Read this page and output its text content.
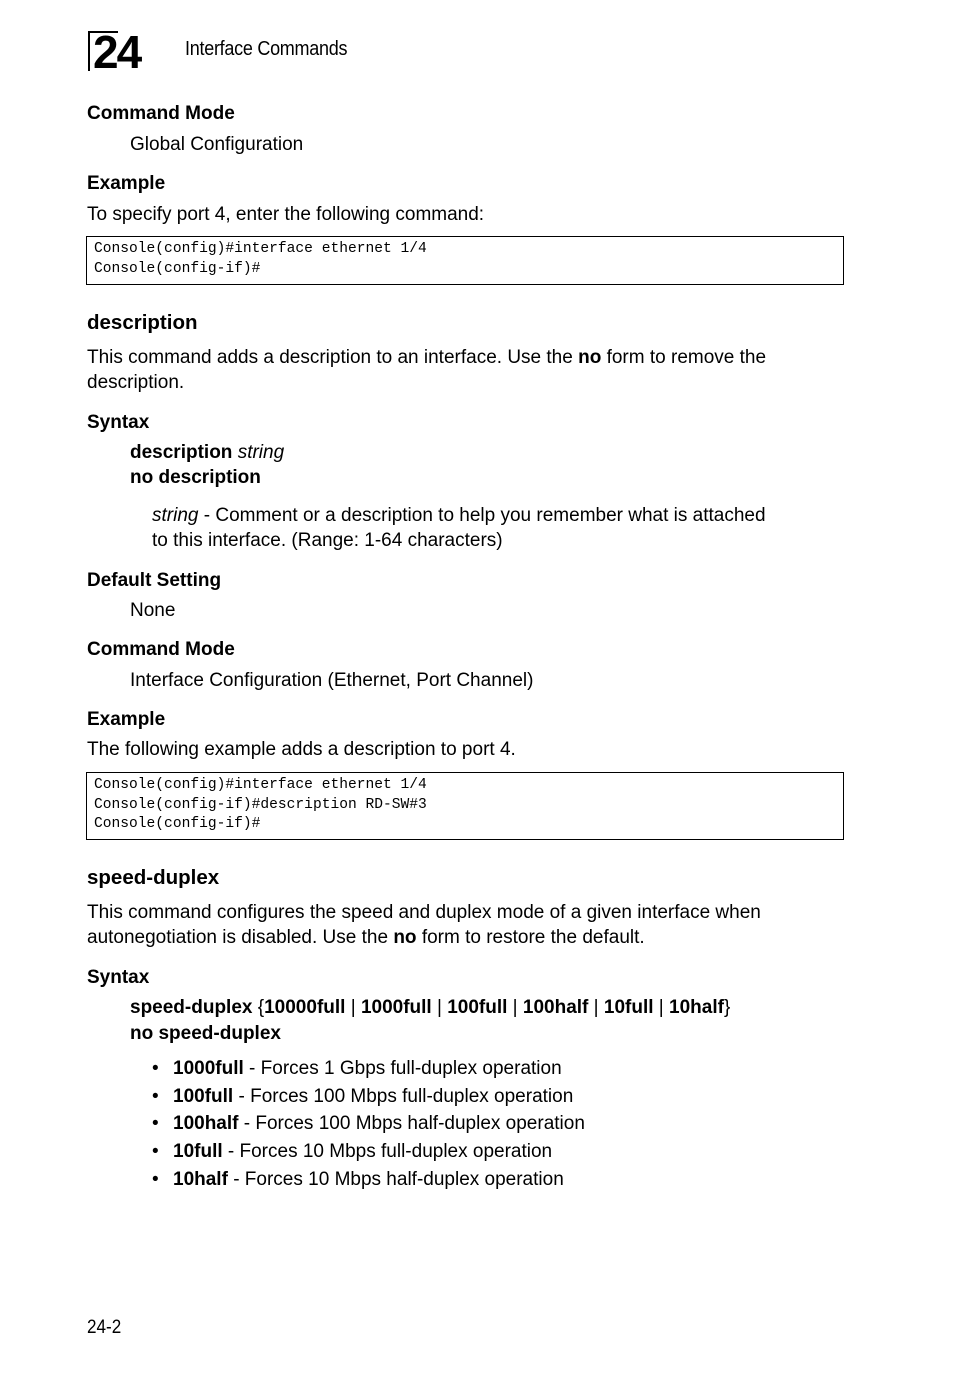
24 Interface Commands
Command Mode
Global Configuration
Example
To specify port 4, enter the following command:
Console(config)#interface ethernet 1/4
Console(config-if)#
description
This command adds a description to an interface. Use the no form to remove the
description.
Syntax
description string
no description
string - Comment or a description to help you remember what is attached
to this interface. (Range: 1-64 characters)
Default Setting
None
Command Mode
Interface Configuration (Ethernet, Port Channel)
Example
The following example adds a description to port 4.
Console(config)#interface ethernet 1/4
Console(config-if)#description RD-SW#3
Console(config-if)#
speed-duplex
This command configures the speed and duplex mode of a given interface when
autonegotiation is disabled. Use the no form to restore the default.
Syntax
speed-duplex {10000full | 1000full | 100full | 100half | 10full | 10half}
no speed-duplex
• 1000full - Forces 1 Gbps full-duplex operation
• 100full - Forces 100 Mbps full-duplex operation
• 100half - Forces 100 Mbps half-duplex operation
• 10full - Forces 10 Mbps full-duplex operation
• 10half - Forces 10 Mbps half-duplex operation
24-2
